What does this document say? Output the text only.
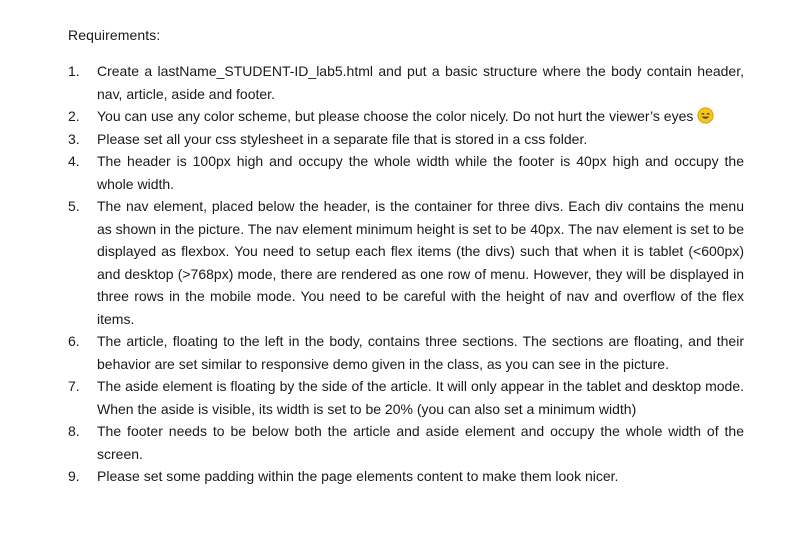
Requirements:
1. Create a lastName_STUDENT-ID_lab5.html and put a basic structure where the body contain header, nav, article, aside and footer.
2. You can use any color scheme, but please choose the color nicely. Do not hurt the viewer’s eyes
3. Please set all your css stylesheet in a separate file that is stored in a css folder.
4. The header is 100px high and occupy the whole width while the footer is 40px high and occupy the whole width.
5. The nav element, placed below the header, is the container for three divs. Each div contains the menu as shown in the picture. The nav element minimum height is set to be 40px. The nav element is set to be displayed as flexbox. You need to setup each flex items (the divs) such that when it is tablet (<600px) and desktop (>768px) mode, there are rendered as one row of menu. However, they will be displayed in three rows in the mobile mode. You need to be careful with the height of nav and overflow of the flex items.
6. The article, floating to the left in the body, contains three sections. The sections are floating, and their behavior are set similar to responsive demo given in the class, as you can see in the picture.
7. The aside element is floating by the side of the article. It will only appear in the tablet and desktop mode. When the aside is visible, its width is set to be 20% (you can also set a minimum width)
8. The footer needs to be below both the article and aside element and occupy the whole width of the screen.
9. Please set some padding within the page elements content to make them look nicer.
